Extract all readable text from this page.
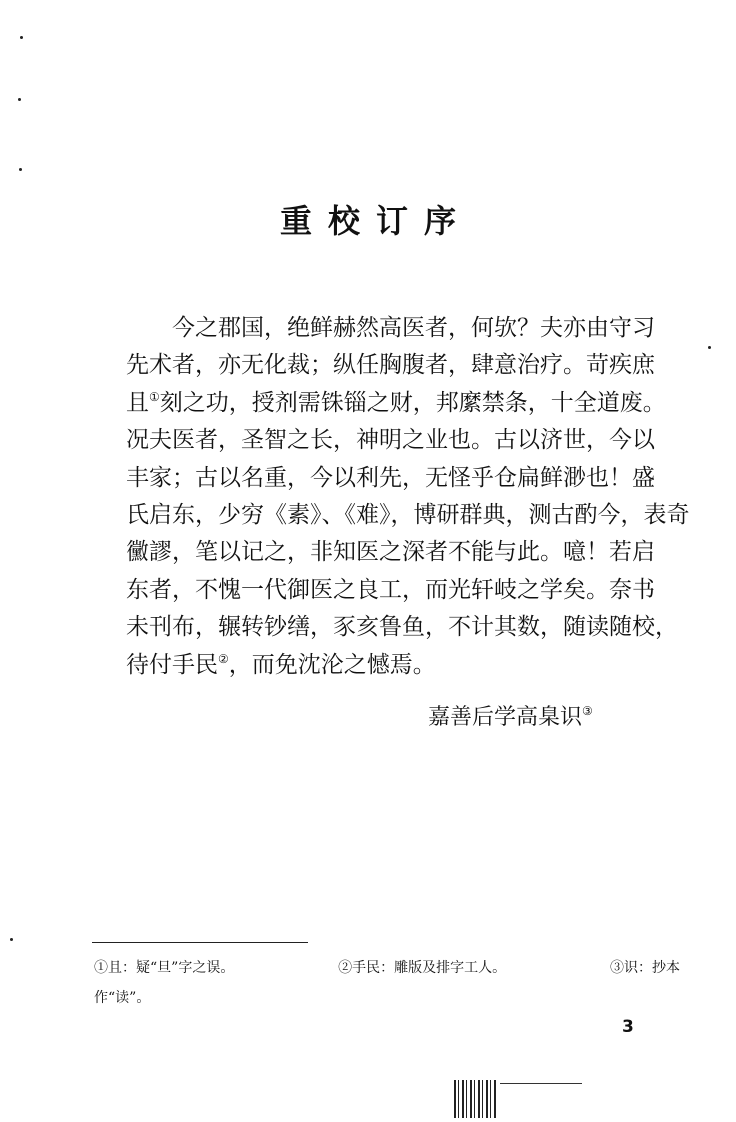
重校订序
今之郡国，绝鲜赫然高医者，何欤？夫亦由守习
先术者，亦无化裁；纵任胸腹者，肆意治疗。苛疾庶
且①刻之功，授剂需铢锱之财，邦縻禁条，十全道废。
况夫医者，圣智之长，神明之业也。古以济世，今以
丰家；古以名重，今以利先，无怪乎仓扁鲜渺也！盛
氏启东，少穷《素》、《难》，博研群典，测古酌今，表奇
黴謬，笔以记之，非知医之深者不能与此。噫！若启
东者，不愧一代御医之良工，而光轩岐之学矣。奈书
未刊布，辗转钞缮，豕亥鲁鱼，不计其数，随读随校，
待付手民②，而免沈沦之憾焉。
嘉善后学高臬识③
①且：疑“旦”字之误。	②手民：雕版及排字工人。	③识：抄本
作“读”。
3
